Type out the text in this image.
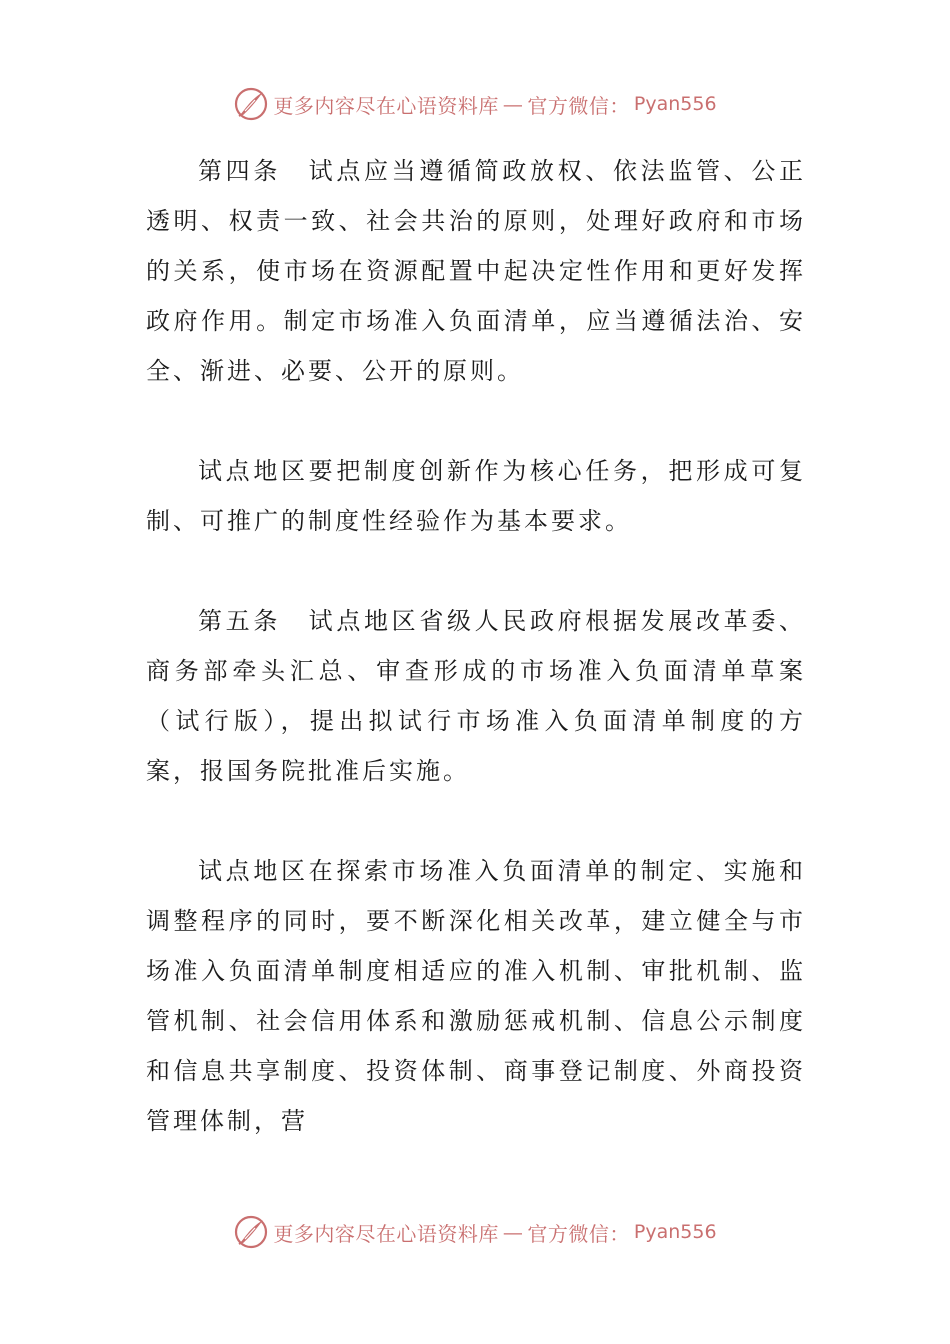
更多内容尽在心语资料库 — 官方微信： Pyan556

第四条　试点应当遵循简政放权、依法监管、公正透明、权责一致、社会共治的原则，处理好政府和市场的关系，使市场在资源配置中起决定性作用和更好发挥政府作用。制定市场准入负面清单，应当遵循法治、安全、渐进、必要、公开的原则。

试点地区要把制度创新作为核心任务，把形成可复制、可推广的制度性经验作为基本要求。

第五条　试点地区省级人民政府根据发展改革委、商务部牵头汇总、审查形成的市场准入负面清单草案（试行版），提出拟试行市场准入负面清单制度的方案，报国务院批准后实施。

试点地区在探索市场准入负面清单的制定、实施和调整程序的同时，要不断深化相关改革，建立健全与市场准入负面清单制度相适应的准入机制、审批机制、监管机制、社会信用体系和激励惩戒机制、信息公示制度和信息共享制度、投资体制、商事登记制度、外商投资管理体制，营

更多内容尽在心语资料库 — 官方微信： Pyan556
